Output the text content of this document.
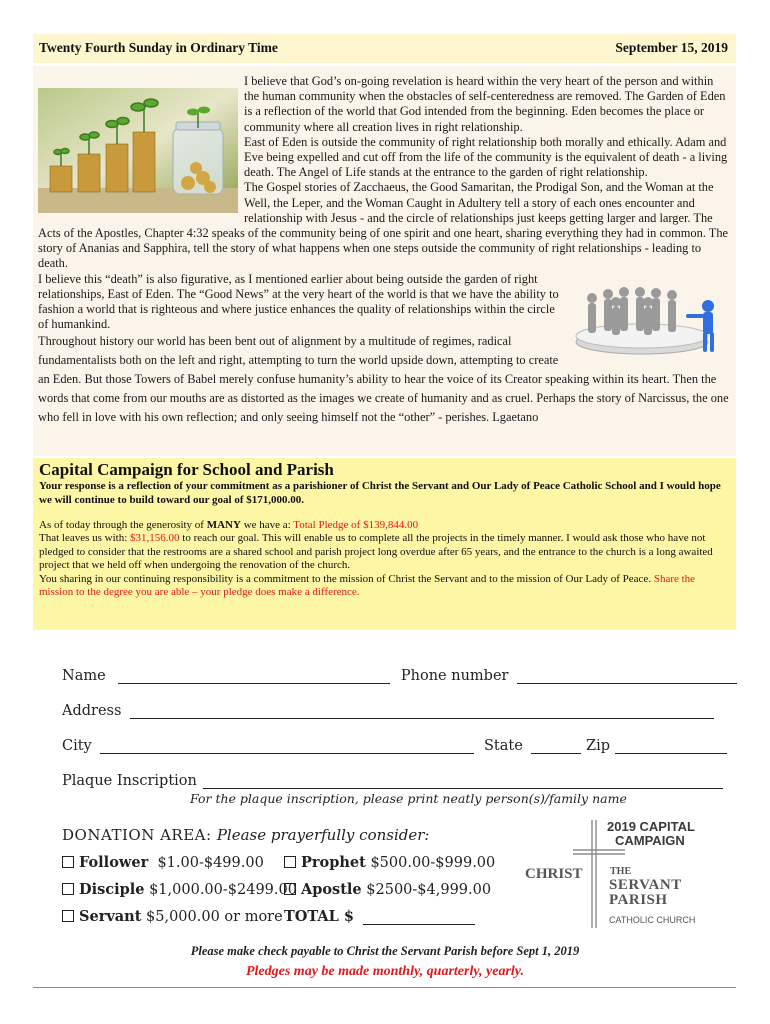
Twenty Fourth Sunday in Ordinary Time	September 15, 2019

I believe that God’s on-going revelation is heard within the very heart of the person and within the human community when the obstacles of self-centeredness are removed. The Garden of Eden is a reflection of the world that God intended from the beginning. Eden becomes the place or community where all creation lives in right relationship.

East of Eden is outside the community of right relationship both morally and ethically. Adam and Eve being expelled and cut off from the life of the community is the equivalent of death - a living death. The Angel of Life stands at the entrance to the garden of right relationship.

The Gospel stories of Zacchaeus, the Good Samaritan, the Prodigal Son, and the Woman at the Well, the Leper, and the Woman Caught in Adultery tell a story of each ones encounter and relationship with Jesus - and the circle of relationships just keeps getting larger and larger. The Acts of the Apostles, Chapter 4:32 speaks of the community being of one spirit and one heart, sharing everything they had in common. The story of Ananias and Sapphira, tell the story of what happens when one steps outside the community of right relationships - leading to death.

I believe this “death” is also figurative, as I mentioned earlier about being outside the garden of right relationships, East of Eden. The “Good News” at the very heart of the world is that we have the ability to fashion a world that is righteous and where justice enhances the quality of relationships within the circle of humankind.

Throughout history our world has been bent out of alignment by a multitude of regimes, radical fundamentalists both on the left and right, attempting to turn the world upside down, attempting to create an Eden. But those Towers of Babel merely confuse humanity’s ability to hear the voice of its Creator speaking within its heart. Then the words that come from our mouths are as distorted as the images we create of humanity and as cruel. Perhaps the story of Narcissus, the one who fell in love with his own reflection; and only seeing himself not the “other” - perishes. Lgaetano

Capital Campaign for School and Parish
Your response is a reflection of your commitment as a parishioner of Christ the Servant and Our Lady of Peace Catholic School and I would hope we will continue to build toward our goal of $171,000.00.
As of today through the generosity of MANY we have a: Total Pledge of $139,844.00
That leaves us with: $31,156.00 to reach our goal. This will enable us to complete all the projects in the timely manner. I would ask those who have not pledged to consider that the restrooms are a shared school and parish project long overdue after 65 years, and the entrance to the church is a long awaited project that we held off when undergoing the renovation of the church.
You sharing in our continuing responsibility is a commitment to the mission of Christ the Servant and to the mission of Our Lady of Peace. Share the mission to the degree you are able – your pledge does make a difference.
Name	Phone number
Address
City	State	Zip
Plaque Inscription
For the plaque inscription, please print neatly person(s)/family name
DONATION AREA: Please prayerfully consider:
Follower $1.00-$499.00	Prophet $500.00-$999.00
Disciple $1,000.00-$2499.00 Apostle $2500-$4,999.00
Servant $5,000.00 or more TOTAL $
2019 CAPITAL
CAMPAIGN
CHRIST	THE
SERVANT
PARISH
CATHOLIC CHURCH
Please make check payable to Christ the Servant Parish before Sept 1, 2019
Pledges may be made monthly, quarterly, yearly.
